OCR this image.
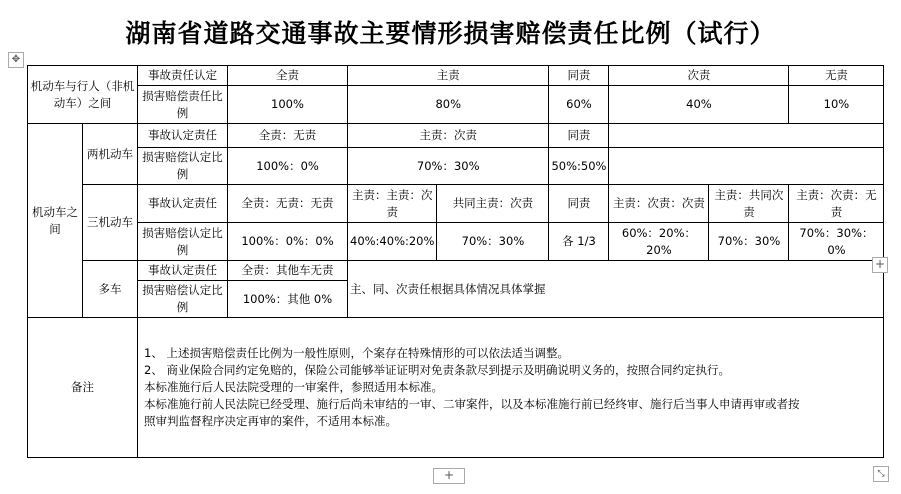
湖南省道路交通事故主要情形损害赔偿责任比例（试行）
✥
机动车与行人（非机动车）之间		事故责任认定	全责	主责		同责	次责		无责
		损害赔偿责任比例	100%	80%		60%	40%		10%
机动车之间	两机动车	事故认定责任	全责：无责	主责：次责		同责			
		损害赔偿认定比例	100%：0%	70%：30%		50%:50%			
	三机动车	事故认定责任	全责：无责：无责	主责：主责：次责	共同主责：次责	同责	主责：次责：次责	主责：共同次责	主责：次责：无责
		损害赔偿认定比例	100%：0%：0%	40%:40%:20%	70%：30%	各 1/3	60%：20%：20%	70%：30%	70%：30%：0%
	多车	事故认定责任	全责：其他车无责	主、同、次责任根据具体情况具体掌握					
		损害赔偿认定比例	100%：其他 0%						
备注		1、 上述损害赔偿责任比例为一般性原则，个案存在特殊情形的可以依法适当调整。
2、 商业保险合同约定免赔的，保险公司能够举证证明对免责条款尽到提示及明确说明义务的，按照合同约定执行。
本标准施行后人民法院受理的一审案件，参照适用本标准。
本标准施行前人民法院已经受理、施行后尚未审结的一审、二审案件，以及本标准施行前已经终审、施行后当事人申请再审或者按
照审判监督程序决定再审的案件，不适用本标准。							
+
+	⤡
